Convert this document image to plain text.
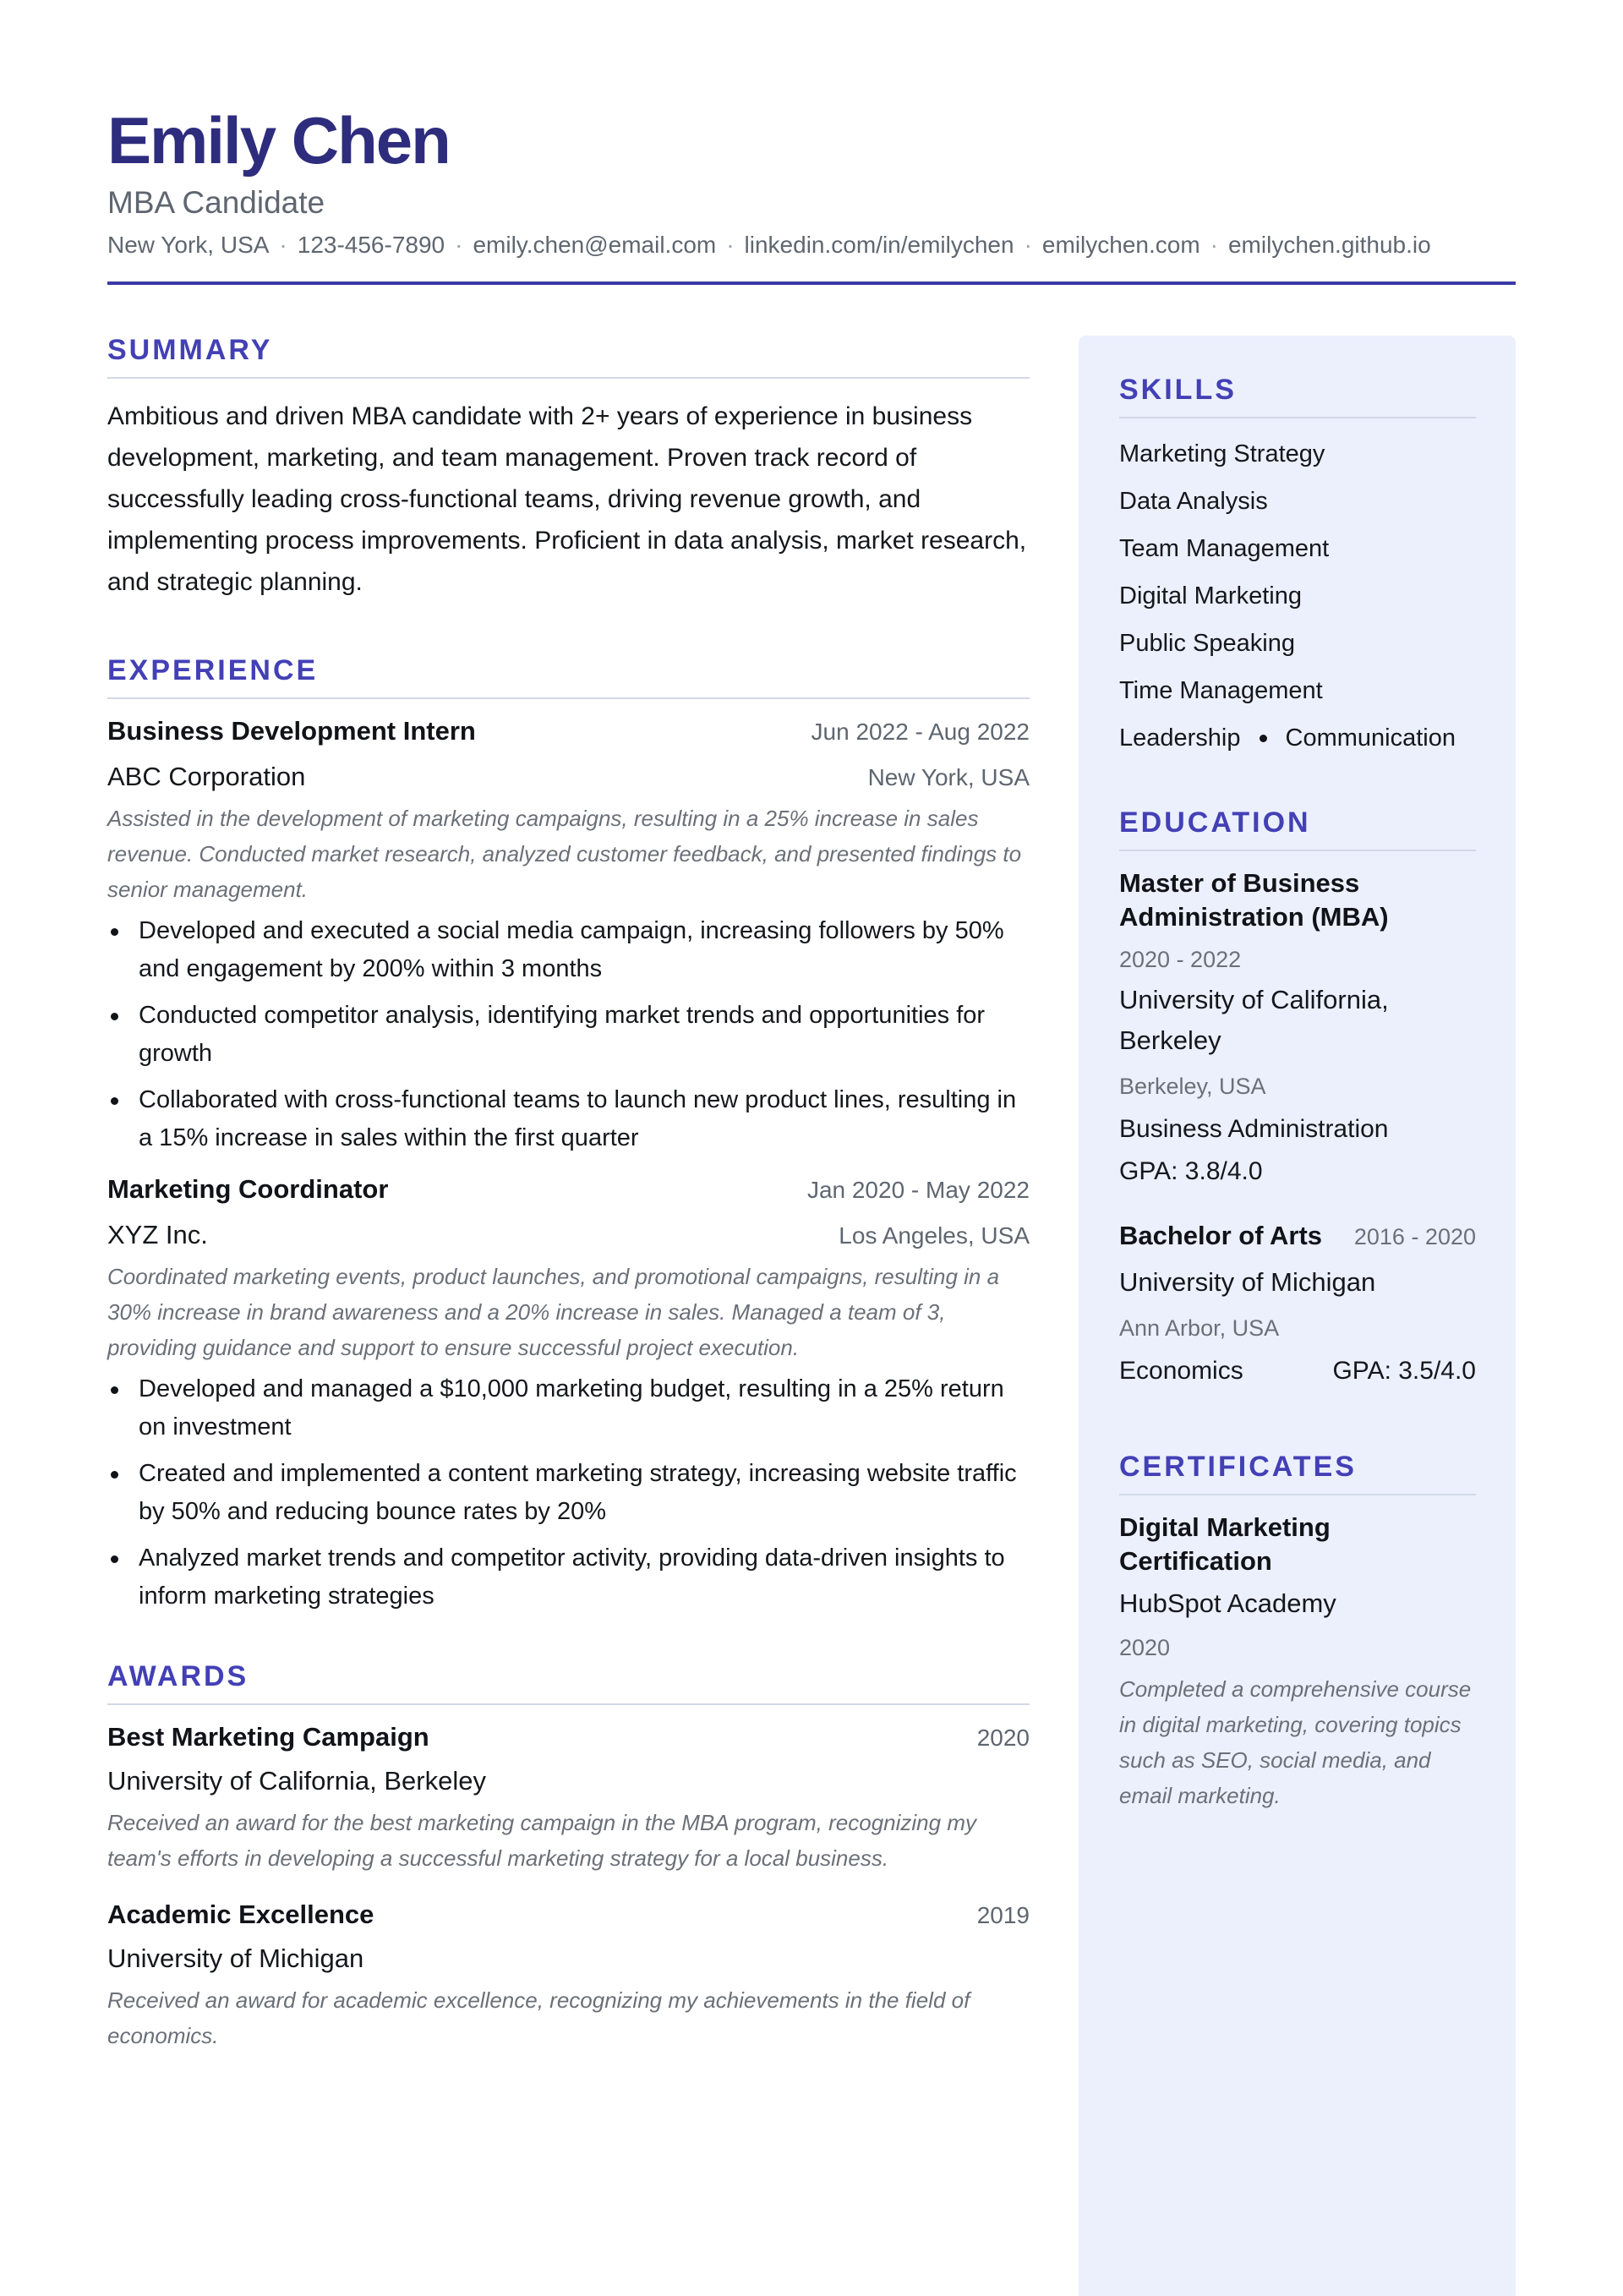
Emily Chen
MBA Candidate
New York, USA · 123-456-7890 · emily.chen@email.com · linkedin.com/in/emilychen · emilychen.com · emilychen.github.io
SUMMARY
Ambitious and driven MBA candidate with 2+ years of experience in business development, marketing, and team management. Proven track record of successfully leading cross-functional teams, driving revenue growth, and implementing process improvements. Proficient in data analysis, market research, and strategic planning.
EXPERIENCE
Business Development Intern	Jun 2022 - Aug 2022
ABC Corporation	New York, USA
Assisted in the development of marketing campaigns, resulting in a 25% increase in sales revenue. Conducted market research, analyzed customer feedback, and presented findings to senior management.
Developed and executed a social media campaign, increasing followers by 50% and engagement by 200% within 3 months
Conducted competitor analysis, identifying market trends and opportunities for growth
Collaborated with cross-functional teams to launch new product lines, resulting in a 15% increase in sales within the first quarter
Marketing Coordinator	Jan 2020 - May 2022
XYZ Inc.	Los Angeles, USA
Coordinated marketing events, product launches, and promotional campaigns, resulting in a 30% increase in brand awareness and a 20% increase in sales. Managed a team of 3, providing guidance and support to ensure successful project execution.
Developed and managed a $10,000 marketing budget, resulting in a 25% return on investment
Created and implemented a content marketing strategy, increasing website traffic by 50% and reducing bounce rates by 20%
Analyzed market trends and competitor activity, providing data-driven insights to inform marketing strategies
AWARDS
Best Marketing Campaign	2020
University of California, Berkeley
Received an award for the best marketing campaign in the MBA program, recognizing my team's efforts in developing a successful marketing strategy for a local business.
Academic Excellence	2019
University of Michigan
Received an award for academic excellence, recognizing my achievements in the field of economics.
SKILLS
Marketing Strategy
Data Analysis
Team Management
Digital Marketing
Public Speaking
Time Management
Leadership Communication
EDUCATION
Master of Business Administration (MBA)
2020 - 2022
University of California, Berkeley
Berkeley, USA
Business Administration
GPA: 3.8/4.0
Bachelor of Arts 2016 - 2020
University of Michigan
Ann Arbor, USA
Economics	GPA: 3.5/4.0
CERTIFICATES
Digital Marketing Certification
HubSpot Academy
2020
Completed a comprehensive course in digital marketing, covering topics such as SEO, social media, and email marketing.
